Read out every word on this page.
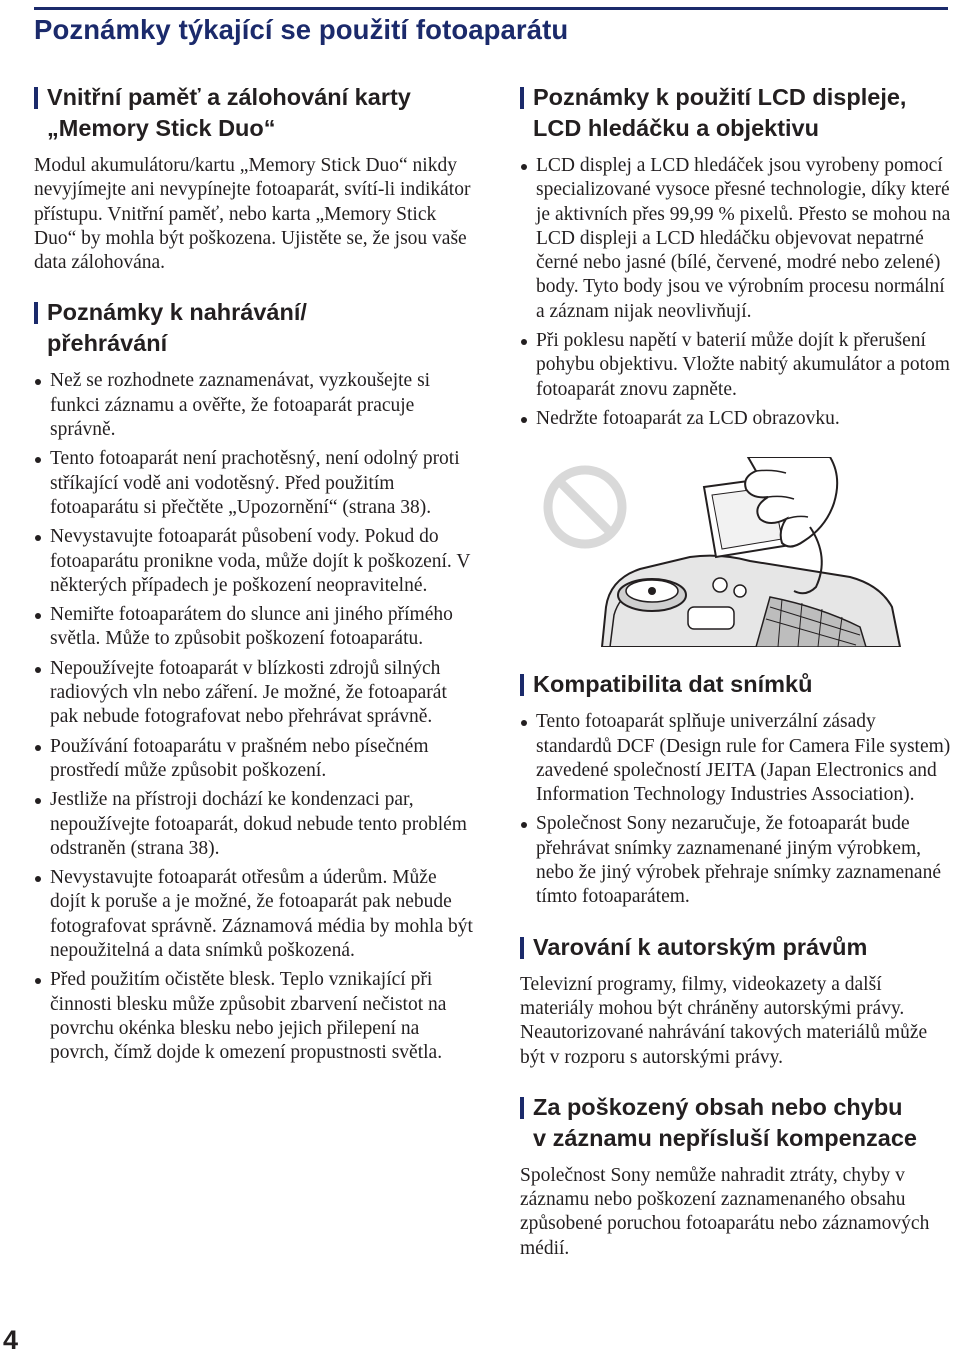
Poznámky týkající se použití fotoaparátu
Vnitřní paměť a zálohování karty
„Memory Stick Duo“

Modul akumulátoru/kartu „Memory Stick Duo“ nikdy nevyjímejte ani nevypínejte fotoaparát, svítí-li indikátor přístupu. Vnitřní paměť, nebo karta „Memory Stick Duo“ by mohla být poškozena. Ujistěte se, že jsou vaše data zálohována.

Poznámky k nahrávání/
přehrávání
Než se rozhodnete zaznamenávat, vyzkoušejte si funkci záznamu a ověřte, že fotoaparát pracuje správně.
Tento fotoaparát není prachotěsný, není odolný proti stříkající vodě ani vodotěsný. Před použitím fotoaparátu si přečtěte „Upozornění“ (strana 38).
Nevystavujte fotoaparát působení vody. Pokud do fotoaparátu pronikne voda, může dojít k poškození. V některých případech je poškození neopravitelné.
Nemiřte fotoaparátem do slunce ani jiného přímého světla. Může to způsobit poškození fotoaparátu.
Nepoužívejte fotoaparát v blízkosti zdrojů silných radiových vln nebo záření. Je možné, že fotoaparát pak nebude fotografovat nebo přehrávat správně.
Používání fotoaparátu v prašném nebo písečném prostředí může způsobit poškození.
Jestliže na přístroji dochází ke kondenzaci par, nepoužívejte fotoaparát, dokud nebude tento problém odstraněn (strana 38).
Nevystavujte fotoaparát otřesům a úderům. Může dojít k poruše a je možné, že fotoaparát pak nebude fotografovat správně. Záznamová média by mohla být nepoužitelná a data snímků poškozená.
Před použitím očistěte blesk. Teplo vznikající při činnosti blesku může způsobit zbarvení nečistot na povrchu okénka blesku nebo jejich přilepení na povrch, čímž dojde k omezení propustnosti světla.
Poznámky k použití LCD displeje,
LCD hledáčku a objektivu
LCD displej a LCD hledáček jsou vyrobeny pomocí specializované vysoce přesné technologie, díky které je aktivních přes 99,99 % pixelů. Přesto se mohou na LCD displeji a LCD hledáčku objevovat nepatrné černé nebo jasné (bílé, červené, modré nebo zelené) body. Tyto body jsou ve výrobním procesu normální a záznam nijak neovlivňují.
Při poklesu napětí v baterií může dojít k přerušení pohybu objektivu. Vložte nabitý akumulátor a potom fotoaparát znovu zapněte.
Nedržte fotoaparát za LCD obrazovku.
Kompatibilita dat snímků
Tento fotoaparát splňuje univerzální zásady standardů DCF (Design rule for Camera File system) zavedené společností JEITA (Japan Electronics and Information Technology Industries Association).
Společnost Sony nezaručuje, že fotoaparát bude přehrávat snímky zaznamenané jiným výrobkem, nebo že jiný výrobek přehraje snímky zaznamenané tímto fotoaparátem.
Varování k autorským právům

Televizní programy, filmy, videokazety a další materiály mohou být chráněny autorskými právy. Neautorizované nahrávání takových materiálů může být v rozporu s autorskými právy.

Za poškozený obsah nebo chybu
v záznamu nepřísluší kompenzace

Společnost Sony nemůže nahradit ztráty, chyby v záznamu nebo poškození zaznamenaného obsahu způsobené poruchou fotoaparátu nebo záznamových médií.

4
